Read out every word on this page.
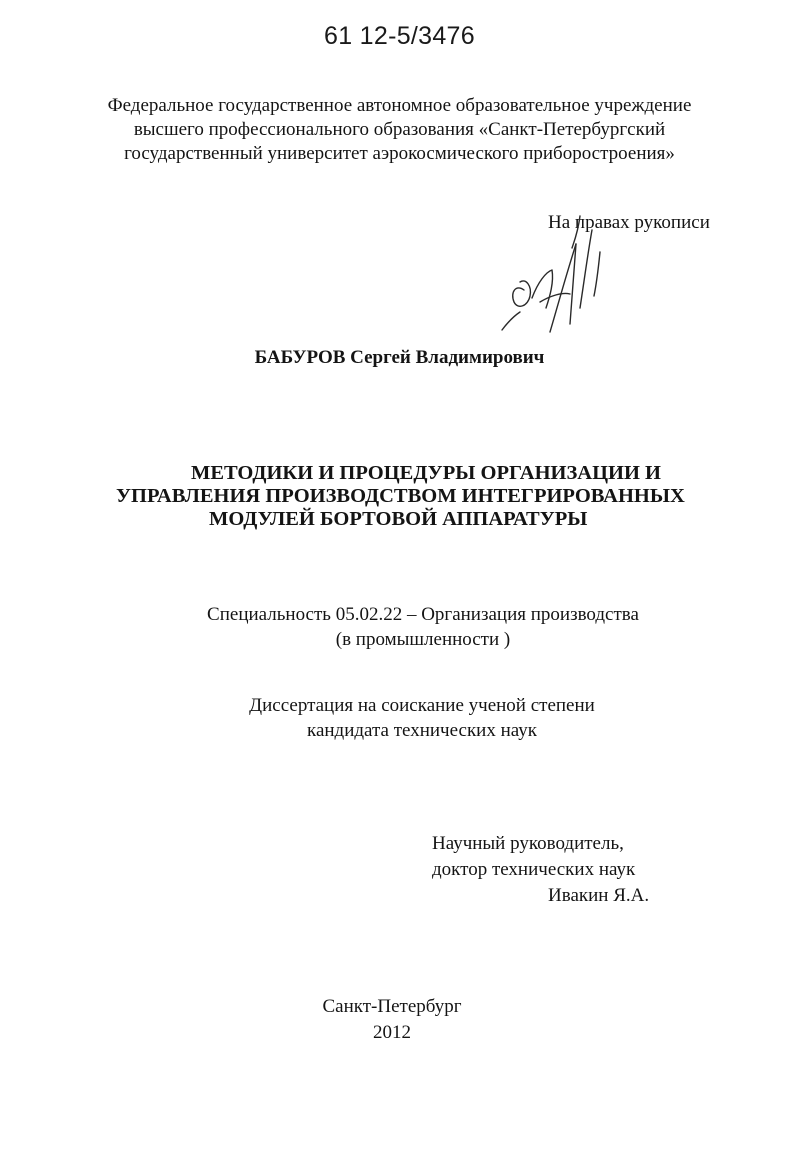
61 12-5/3476
Федеральное государственное автономное образовательное учреждение
высшего профессионального образования «Санкт-Петербургский
государственный университет аэрокосмического приборостроения»
На правах рукописи
БАБУРОВ Сергей Владимирович
МЕТОДИКИ И ПРОЦЕДУРЫ ОРГАНИЗАЦИИ И
УПРАВЛЕНИЯ ПРОИЗВОДСТВОМ ИНТЕГРИРОВАННЫХ
МОДУЛЕЙ БОРТОВОЙ АППАРАТУРЫ
Специальность 05.02.22 – Организация производства
(в промышленности )
Диссертация на соискание ученой степени
кандидата технических наук
Научный руководитель,
доктор технических наук
Ивакин Я.А.
Санкт-Петербург
2012
